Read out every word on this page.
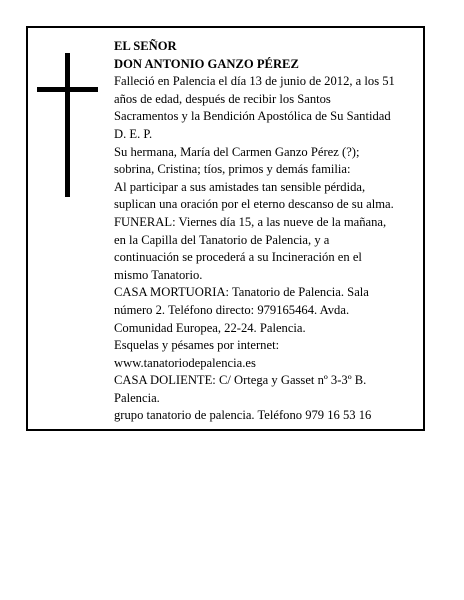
EL SEÑOR
DON ANTONIO GANZO PÉREZ
Falleció en Palencia el día 13 de junio de 2012, a los 51
años de edad, después de recibir los Santos
Sacramentos y la Bendición Apostólica de Su Santidad
D. E. P.
Su hermana, María del Carmen Ganzo Pérez (?);
sobrina, Cristina; tíos, primos y demás familia:
Al participar a sus amistades tan sensible pérdida,
suplican una oración por el eterno descanso de su alma.
FUNERAL: Viernes día 15, a las nueve de la mañana,
en la Capilla del Tanatorio de Palencia, y a
continuación se procederá a su Incineración en el
mismo Tanatorio.
CASA MORTUORIA: Tanatorio de Palencia. Sala
número 2. Teléfono directo: 979165464. Avda.
Comunidad Europea, 22-24. Palencia.
Esquelas y pésames por internet:
www.tanatoriodepalencia.es
CASA DOLIENTE: C/ Ortega y Gasset nº 3-3º B.
Palencia.
grupo tanatorio de palencia. Teléfono 979 16 53 16
